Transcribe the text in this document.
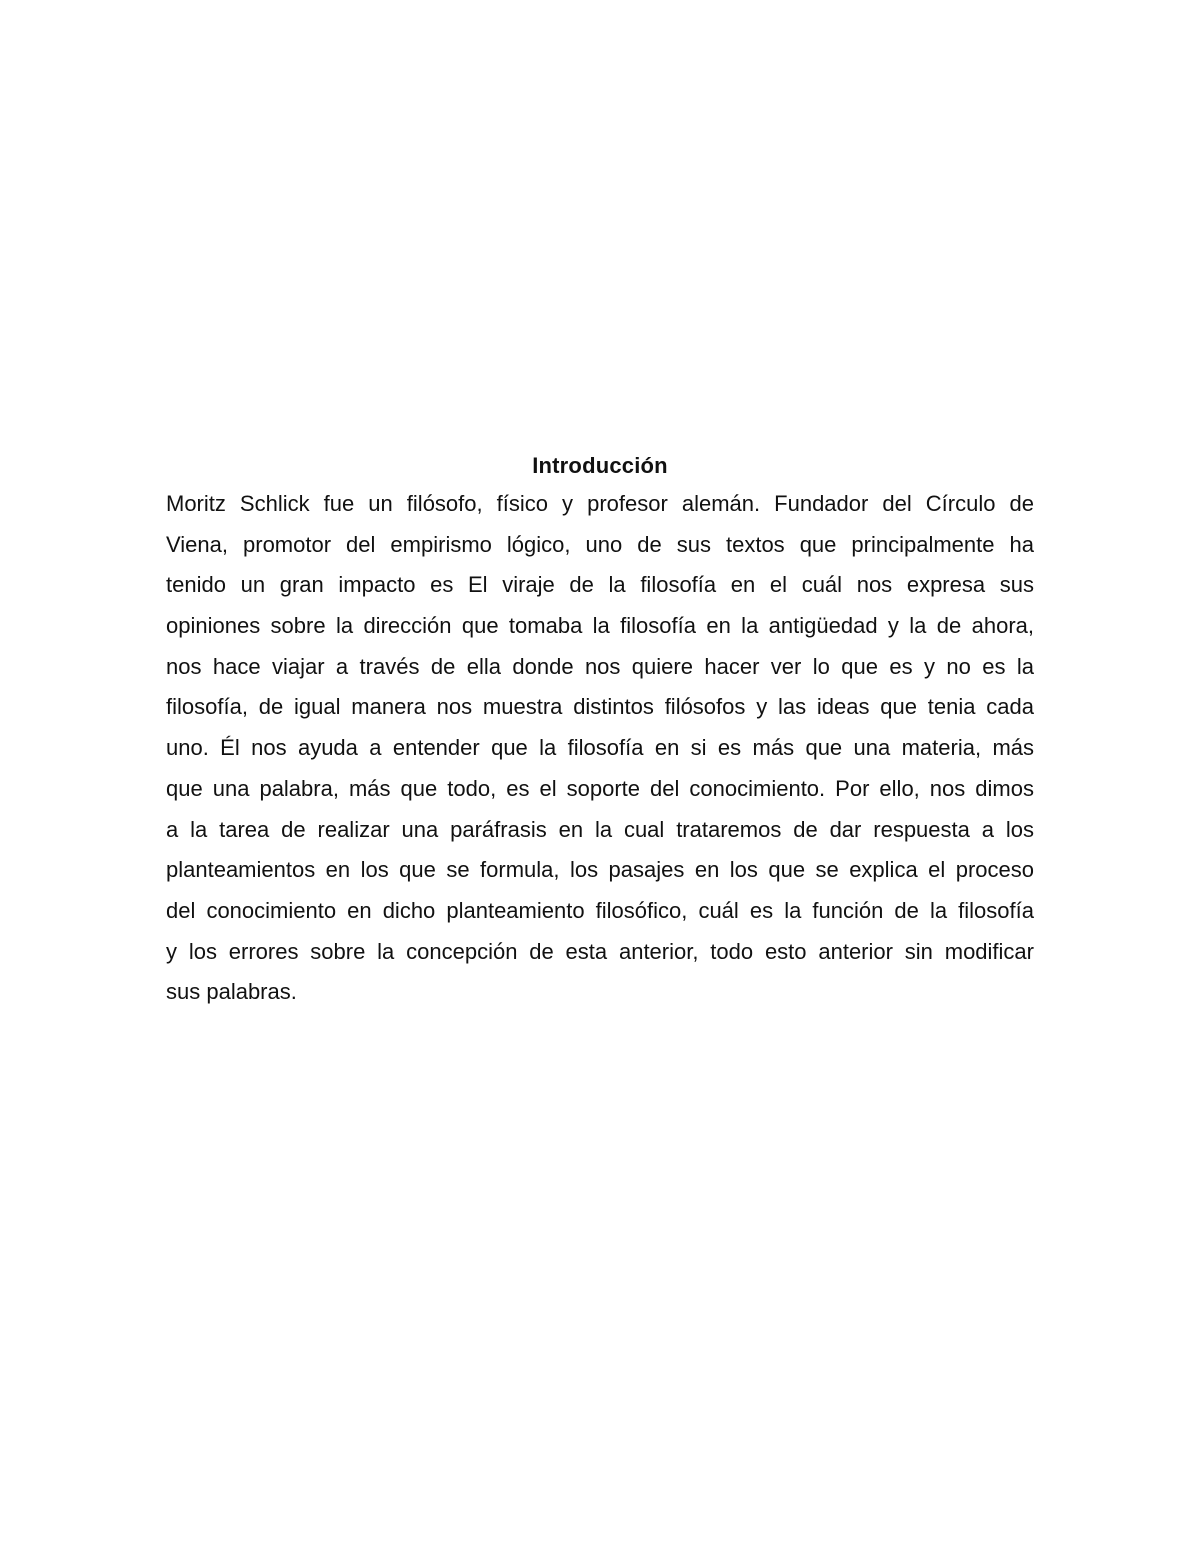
Introducción
Moritz Schlick fue un filósofo, físico y profesor alemán. Fundador del Círculo de
Viena, promotor del empirismo lógico, uno de sus textos que principalmente ha
tenido un gran impacto es El viraje de la filosofía en el cuál nos expresa sus
opiniones sobre la dirección que tomaba la filosofía en la antigüedad y la de ahora,
nos hace viajar a través de ella donde nos quiere hacer ver lo que es y no es la
filosofía, de igual manera nos muestra distintos filósofos y las ideas que tenia cada
uno. Él nos ayuda a entender que la filosofía en si es más que una materia, más
que una palabra, más que todo, es el soporte del conocimiento. Por ello, nos dimos
a la tarea de realizar una paráfrasis en la cual trataremos de dar respuesta a los
planteamientos en los que se formula, los pasajes en los que se explica el proceso
del conocimiento en dicho planteamiento filosófico, cuál es la función de la filosofía
y los errores sobre la concepción de esta anterior, todo esto anterior sin modificar
sus palabras.
